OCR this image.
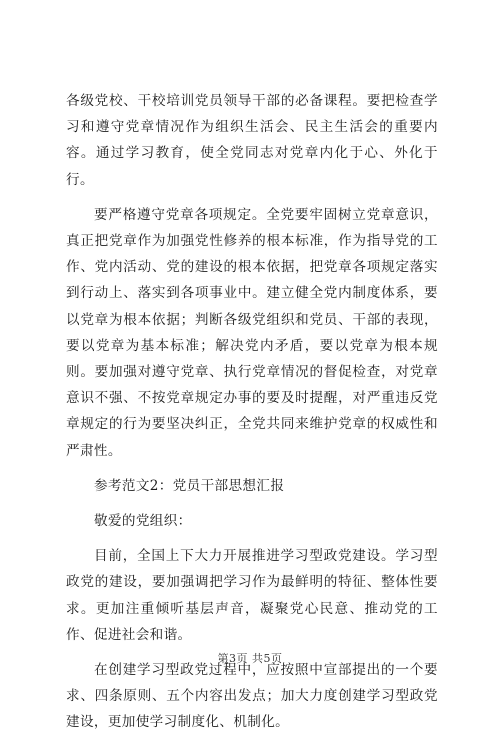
各级党校、干校培训党员领导干部的必备课程。要把检查学习和遵守党章情况作为组织生活会、民主生活会的重要内容。通过学习教育，使全党同志对党章内化于心、外化于行。

要严格遵守党章各项规定。全党要牢固树立党章意识，真正把党章作为加强党性修养的根本标准，作为指导党的工作、党内活动、党的建设的根本依据，把党章各项规定落实到行动上、落实到各项事业中。建立健全党内制度体系，要以党章为根本依据；判断各级党组织和党员、干部的表现，要以党章为基本标准；解决党内矛盾，要以党章为根本规则。要加强对遵守党章、执行党章情况的督促检查，对党章意识不强、不按党章规定办事的要及时提醒，对严重违反党章规定的行为要坚决纠正，全党共同来维护党章的权威性和严肃性。

参考范文2：党员干部思想汇报

敬爱的党组织：

目前，全国上下大力开展推进学习型政党建设。学习型政党的建设，要加强调把学习作为最鲜明的特征、整体性要求。更加注重倾听基层声音，凝聚党心民意、推动党的工作、促进社会和谐。

在创建学习型政党过程中，应按照中宣部提出的一个要求、四条原则、五个内容出发点；加大力度创建学习型政党建设，更加使学习制度化、机制化。

第3页 共5页
